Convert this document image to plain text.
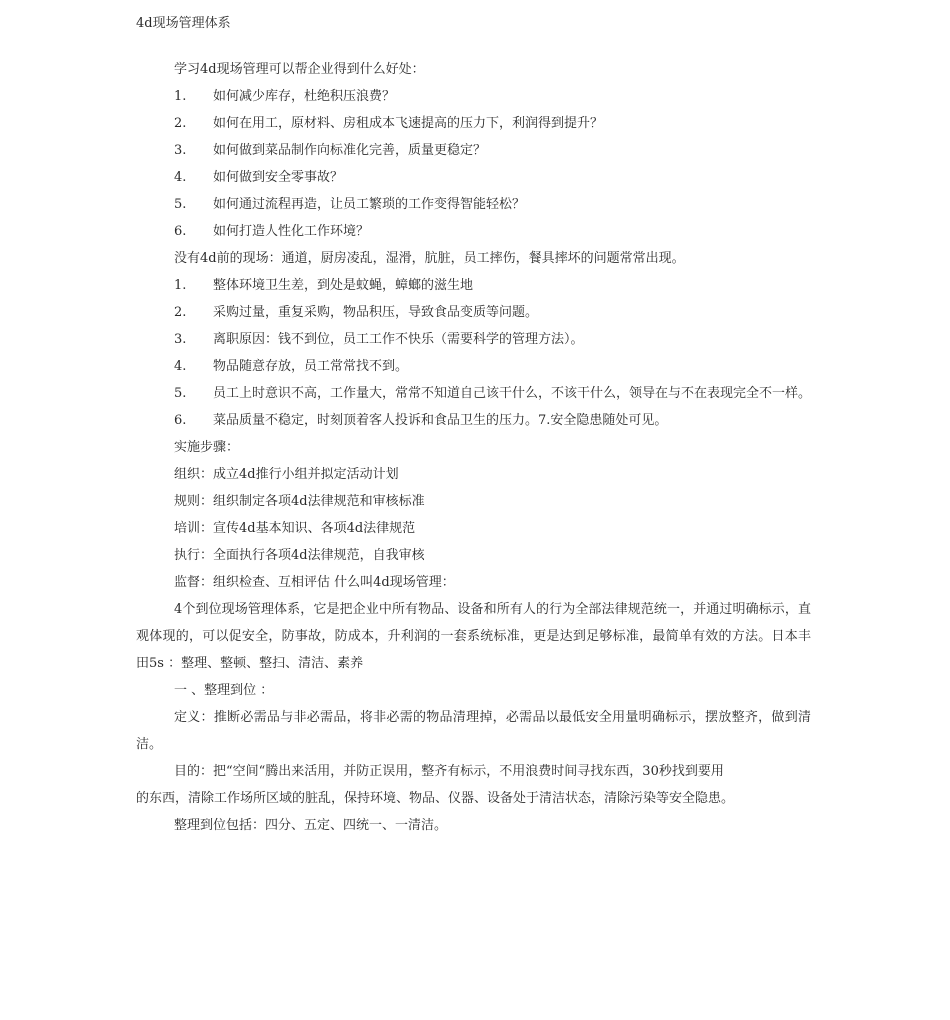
4d现场管理体系
学习4d现场管理可以帮企业得到什么好处：
1.	如何减少库存，杜绝积压浪费？
2.	如何在用工，原材料、房租成本飞速提高的压力下，利润得到提升？
3.	如何做到菜品制作向标准化完善，质量更稳定？
4.	如何做到安全零事故？
5.	如何通过流程再造，让员工繁琐的工作变得智能轻松？
6.	如何打造人性化工作环境？
没有4d前的现场：通道，厨房凌乱，湿滑，肮脏，员工摔伤，餐具摔坏的问题常常出现。
1.	整体环境卫生差，到处是蚊蝇，蟑螂的滋生地
2.	采购过量，重复采购，物品积压，导致食品变质等问题。
3.	离职原因：钱不到位，员工工作不快乐（需要科学的管理方法）。
4.	物品随意存放，员工常常找不到。
5.	员工上时意识不高，工作量大，常常不知道自己该干什么，不该干什么，领导在与不在表现完全不一样。
6.	菜品质量不稳定，时刻顶着客人投诉和食品卫生的压力。7.安全隐患随处可见。
实施步骤：
组织：成立4d推行小组并拟定活动计划
规则：组织制定各项4d法律规范和审核标准
培训：宣传4d基本知识、各项4d法律规范
执行：全面执行各项4d法律规范，自我审核
监督：组织检查、互相评估 什么叫4d现场管理：
4个到位现场管理体系，它是把企业中所有物品、设备和所有人的行为全部法律规范统一，并通过明确标示，直观体现的，可以促安全，防事故，防成本，升利润的一套系统标准，更是达到足够标准，最简单有效的方法。日本丰田5s ：整理、整顿、整扫、清洁、素养
一 、整理到位 ：
定义：推断必需品与非必需品，将非必需的物品清理掉，必需品以最低安全用量明确标示，摆放整齐，做到清洁。
目的：把“空间“腾出来活用，并防正误用，整齐有标示，不用浪费时间寻找东西，30秒找到要用
的东西，清除工作场所区域的脏乱，保持环境、物品、仪器、设备处于清洁状态，清除污染等安全隐患。
整理到位包括：四分、五定、四统一、一清洁。
